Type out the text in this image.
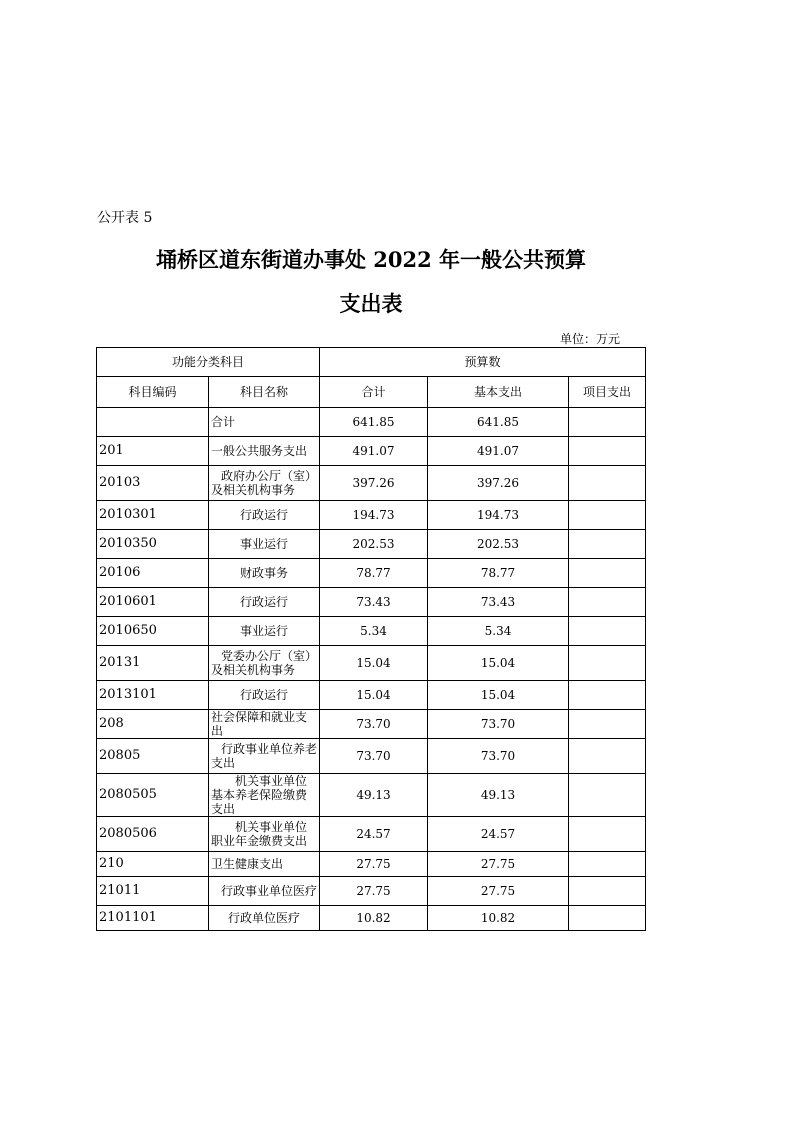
公开表 5
埇桥区道东街道办事处 2022 年一般公共预算
支出表
单位：万元
功能分类科目		预算数		
科目编码	科目名称	合计	基本支出	项目支出
	合计	641.85	641.85	
201	一般公共服务支出	491.07	491.07	
20103	政府办公厅（室）及相关机构事务	397.26	397.26	
2010301	行政运行	194.73	194.73	
2010350	事业运行	202.53	202.53	
20106	财政事务	78.77	78.77	
2010601	行政运行	73.43	73.43	
2010650	事业运行	5.34	5.34	
20131	党委办公厅（室）及相关机构事务	15.04	15.04	
2013101	行政运行	15.04	15.04	
208	社会保障和就业支出	73.70	73.70	
20805	行政事业单位养老支出	73.70	73.70	
2080505	机关事业单位基本养老保险缴费支出	49.13	49.13	
2080506	机关事业单位职业年金缴费支出	24.57	24.57	
210	卫生健康支出	27.75	27.75	
21011	行政事业单位医疗	27.75	27.75	
2101101	行政单位医疗	10.82	10.82	
